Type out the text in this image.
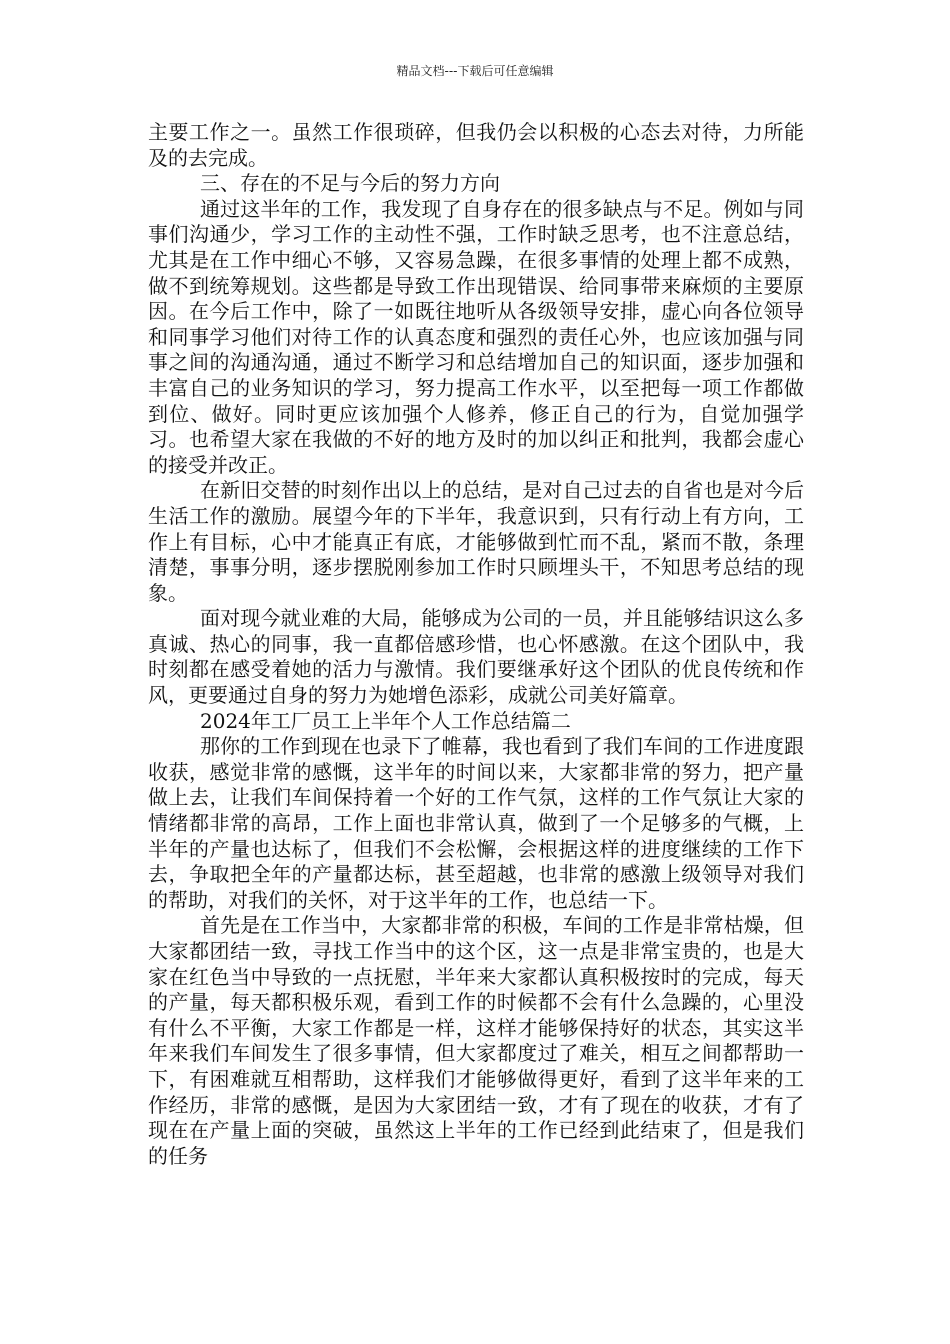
精品文档---下载后可任意编辑

主要工作之一。虽然工作很琐碎，但我仍会以积极的心态去对待，力所能及的去完成。

三、存在的不足与今后的努力方向

通过这半年的工作，我发现了自身存在的很多缺点与不足。例如与同事们沟通少，学习工作的主动性不强，工作时缺乏思考，也不注意总结，尤其是在工作中细心不够，又容易急躁，在很多事情的处理上都不成熟，做不到统筹规划。这些都是导致工作出现错误、给同事带来麻烦的主要原因。在今后工作中，除了一如既往地听从各级领导安排，虚心向各位领导和同事学习他们对待工作的认真态度和强烈的责任心外，也应该加强与同事之间的沟通沟通，通过不断学习和总结增加自己的知识面，逐步加强和丰富自己的业务知识的学习，努力提高工作水平，以至把每一项工作都做到位、做好。同时更应该加强个人修养，修正自己的行为，自觉加强学习。也希望大家在我做的不好的地方及时的加以纠正和批判，我都会虚心的接受并改正。

在新旧交替的时刻作出以上的总结，是对自己过去的自省也是对今后生活工作的激励。展望今年的下半年，我意识到，只有行动上有方向，工作上有目标，心中才能真正有底，才能够做到忙而不乱，紧而不散，条理清楚，事事分明，逐步摆脱刚参加工作时只顾埋头干，不知思考总结的现象。

面对现今就业难的大局，能够成为公司的一员，并且能够结识这么多真诚、热心的同事，我一直都倍感珍惜，也心怀感激。在这个团队中，我时刻都在感受着她的活力与激情。我们要继承好这个团队的优良传统和作风，更要通过自身的努力为她增色添彩，成就公司美好篇章。

2024年工厂员工上半年个人工作总结篇二

那你的工作到现在也录下了帷幕，我也看到了我们车间的工作进度跟收获，感觉非常的感慨，这半年的时间以来，大家都非常的努力，把产量做上去，让我们车间保持着一个好的工作气氛，这样的工作气氛让大家的情绪都非常的高昂，工作上面也非常认真，做到了一个足够多的气概，上半年的产量也达标了，但我们不会松懈，会根据这样的进度继续的工作下去，争取把全年的产量都达标，甚至超越，也非常的感激上级领导对我们的帮助，对我们的关怀，对于这半年的工作，也总结一下。

首先是在工作当中，大家都非常的积极，车间的工作是非常枯燥，但大家都团结一致，寻找工作当中的这个区，这一点是非常宝贵的，也是大家在红色当中导致的一点抚慰，半年来大家都认真积极按时的完成，每天的产量，每天都积极乐观，看到工作的时候都不会有什么急躁的，心里没有什么不平衡，大家工作都是一样，这样才能够保持好的状态，其实这半年来我们车间发生了很多事情，但大家都度过了难关，相互之间都帮助一下，有困难就互相帮助，这样我们才能够做得更好，看到了这半年来的工作经历，非常的感慨，是因为大家团结一致，才有了现在的收获，才有了现在在产量上面的突破，虽然这上半年的工作已经到此结束了，但是我们的任务
